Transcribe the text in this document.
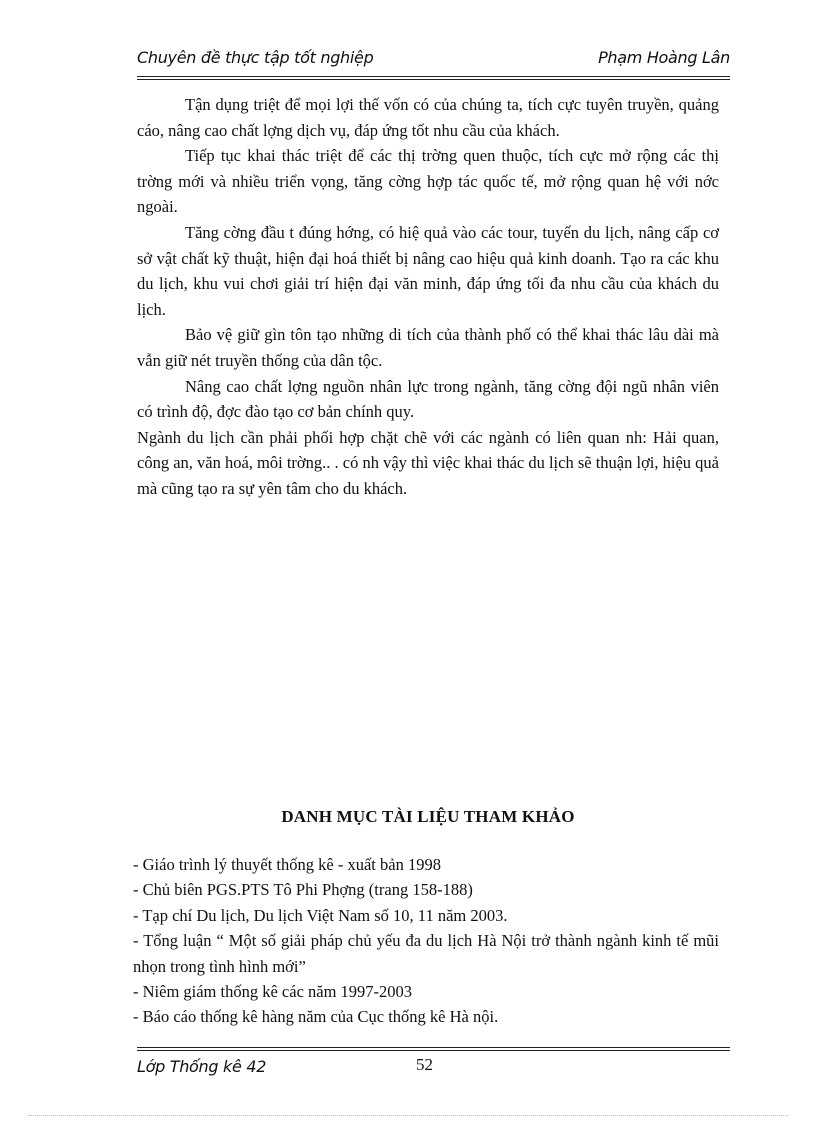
Chuyên đề thực tập tốt nghiệp	Phạm Hoàng Lân

Tận dụng triệt để mọi lợi thế vốn có của chúng ta, tích cực tuyên truyền, quảng cáo, nâng cao chất lợng dịch vụ, đáp ứng tốt nhu cầu của khách.

Tiếp tục khai thác triệt để các thị trờng quen thuộc, tích cực mở rộng các thị trờng mới và nhiều triển vọng, tăng cờng hợp tác quốc tế, mở rộng quan hệ với nớc ngoài.

Tăng cờng đầu t đúng hớng, có hiệ quả vào các tour, tuyến du lịch, nâng cấp cơ sở vật chất kỹ thuật, hiện đại hoá thiết bị nâng cao hiệu quả kinh doanh. Tạo ra các khu du lịch, khu vui chơi giải trí hiện đại văn minh, đáp ứng tối đa nhu cầu của khách du lịch.

Bảo vệ giữ gìn tôn tạo những di tích của thành phố có thể khai thác lâu dài mà vẫn giữ nét truyền thống của dân tộc.

Nâng cao chất lợng nguồn nhân lực trong ngành, tăng cờng đội ngũ nhân viên có trình độ, đợc đào tạo cơ bản chính quy.

Ngành du lịch cần phải phối hợp chặt chẽ với các ngành có liên quan nh: Hải quan, công an, văn hoá, môi trờng.. . có nh vậy thì việc khai thác du lịch sẽ thuận lợi, hiệu quả mà cũng tạo ra sự yên tâm cho du khách.

DANH MỤC TÀI LIỆU THAM KHẢO
- Giáo trình lý thuyết thống kê - xuất bản 1998
- Chủ biên PGS.PTS Tô Phi Phợng (trang 158-188)
- Tạp chí Du lịch, Du lịch Việt Nam số 10, 11 năm 2003.
- Tổng luận “ Một số giải pháp chủ yếu đa du lịch Hà Nội trở thành ngành kinh tế mũi nhọn trong tình hình mới”
- Niêm giám thống kê các năm 1997-2003
- Báo cáo thống kê hàng năm của Cục thống kê Hà nội.
Lớp Thống kê 42	52
